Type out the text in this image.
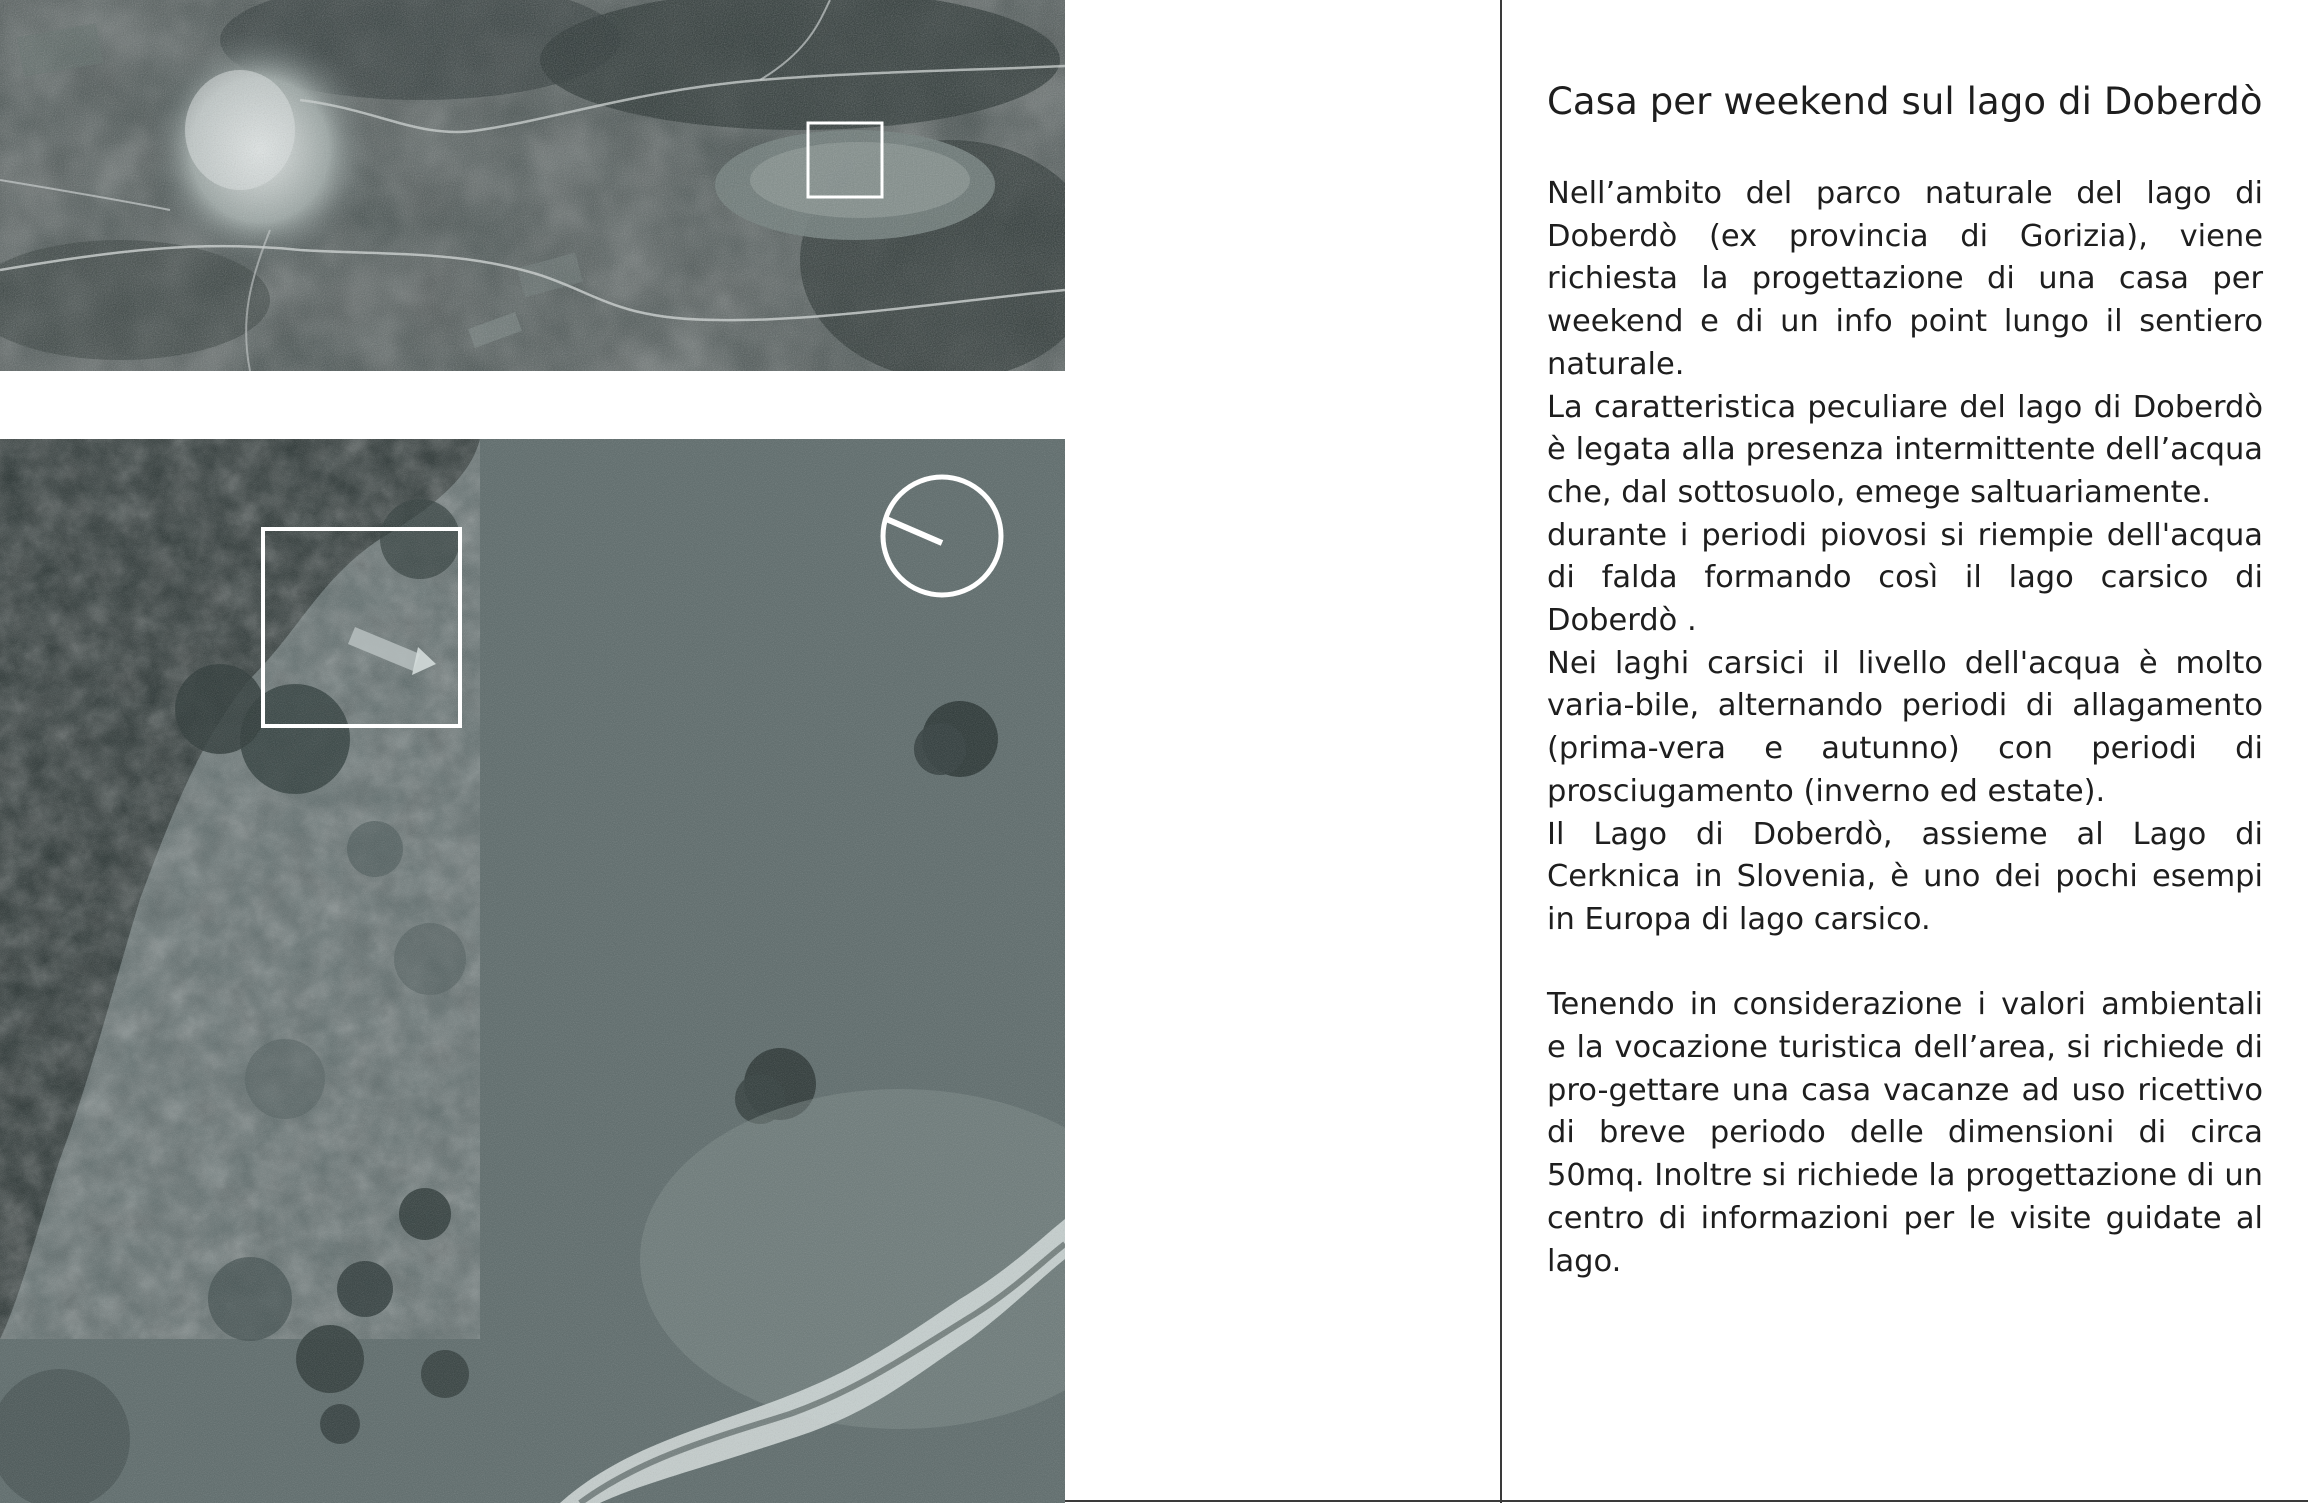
Casa per weekend sul lago di Doberdò

Nell’ambito del parco naturale del lago di Doberdò (ex provincia di Gorizia), viene richiesta la progettazione di una casa per weekend e di un info point lungo il sentiero naturale.

La caratteristica peculiare del lago di Doberdò è legata alla presenza intermittente dell’acqua che, dal sottosuolo, emege saltuariamente.

durante i periodi piovosi si riempie dell'acqua di falda formando così il lago carsico di Doberdò .

Nei laghi carsici il livello dell'acqua è molto varia-bile, alternando periodi di allagamento (prima-vera e autunno) con periodi di prosciugamento (inverno ed estate).

Il Lago di Doberdò, assieme al Lago di Cerknica in Slovenia, è uno dei pochi esempi in Europa di lago carsico.

Tenendo in considerazione i valori ambientali e la vocazione turistica dell’area, si richiede di pro-gettare una casa vacanze ad uso ricettivo di breve periodo delle dimensioni di circa 50mq. Inoltre si richiede la progettazione di un centro di informazioni per le visite guidate al lago.
